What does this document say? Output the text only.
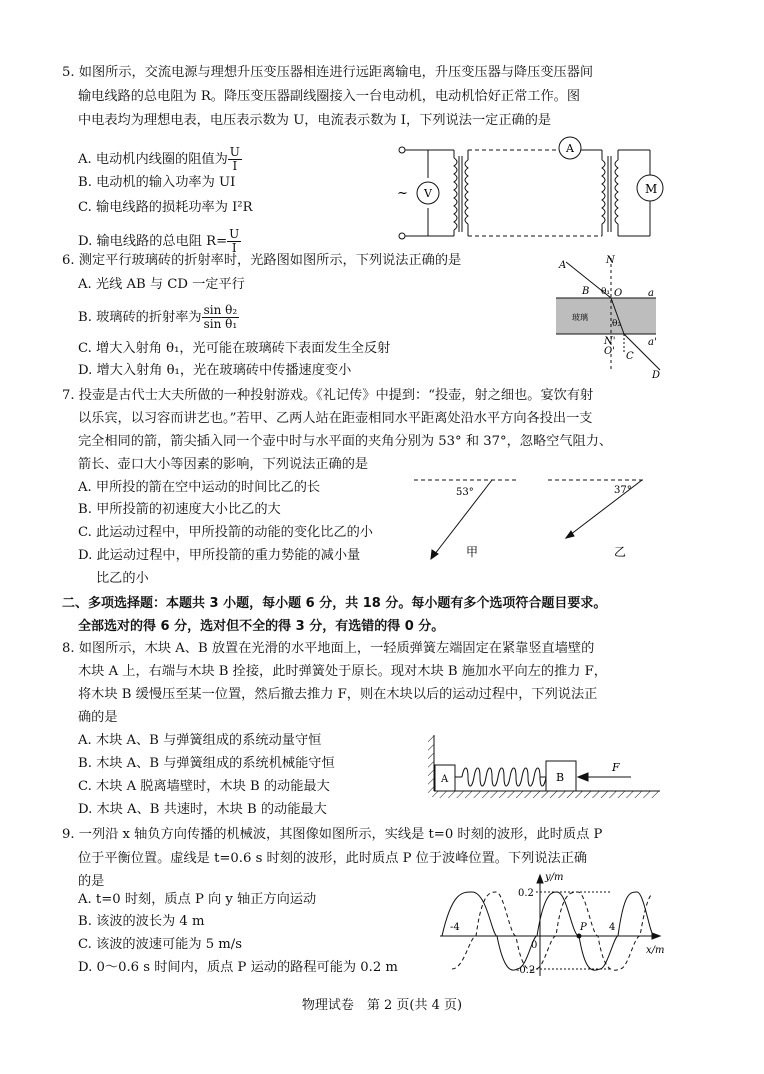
5. 如图所示，交流电源与理想升压变压器相连进行远距离输电，升压变压器与降压变压器间
输电线路的总电阻为 R。降压变压器副线圈接入一台电动机，电动机恰好正常工作。图
中电表均为理想电表，电压表示数为 U，电流表示数为 I，下列说法一定正确的是
A. 电动机内线圈的阻值为 $\frac{U}{I}$
B. 电动机的输入功率为 UI
C. 输电线路的损耗功率为 I²R
D. 输电线路的总电阻 $R= \frac{U}{I}$
V
~
A
M
6. 测定平行玻璃砖的折射率时，光路图如图所示，下列说法正确的是
A. 光线 AB 与 CD 一定平行
B. 玻璃砖的折射率为 $\frac{\text{sin θ₂}}{\text{sin θ₁}}$
C. 增大入射角 θ₁，光可能在玻璃砖下表面发生全反射
D. 增大入射角 θ₁，光在玻璃砖中传播速度变小
A	N
B θ₁ O	a
玻璃
θ₂
N'
O'
a'
C
D
7. 投壶是古代士大夫所做的一种投射游戏。《礼记传》中提到：“投壶，射之细也。宴饮有射
以乐宾，以习容而讲艺也。”若甲、乙两人站在距壶相同水平距离处沿水平方向各投出一支
完全相同的箭，箭尖插入同一个壶中时与水平面的夹角分别为 53° 和 37°，忽略空气阻力、
箭长、壶口大小等因素的影响，下列说法正确的是
A. 甲所投的箭在空中运动的时间比乙的长
B. 甲所投箭的初速度大小比乙的大
C. 此运动过程中，甲所投箭的动能的变化比乙的小
D. 此运动过程中，甲所投箭的重力势能的减小量
比乙的小
53°	37°
甲	乙
二、多项选择题：本题共 3 小题，每小题 6 分，共 18 分。每小题有多个选项符合题目要求。
全部选对的得 6 分，选对但不全的得 3 分，有选错的得 0 分。
8. 如图所示，木块 A、B 放置在光滑的水平地面上，一轻质弹簧左端固定在紧靠竖直墙壁的
木块 A 上，右端与木块 B 拴接，此时弹簧处于原长。现对木块 B 施加水平向左的推力 F，
将木块 B 缓慢压至某一位置，然后撤去推力 F，则在木块以后的运动过程中，下列说法正
确的是
A. 木块 A、B 与弹簧组成的系统动量守恒
B. 木块 A、B 与弹簧组成的系统机械能守恒
C. 木块 A 脱离墙壁时，木块 B 的动能最大
D. 木块 A、B 共速时，木块 B 的动能最大
A	B
F
9. 一列沿 x 轴负方向传播的机械波，其图像如图所示，实线是 t=0 时刻的波形，此时质点 P
位于平衡位置。虚线是 t=0.6 s 时刻的波形，此时质点 P 位于波峰位置。下列说法正确
的是
A. t=0 时刻，质点 P 向 y 轴正方向运动
B. 该波的波长为 4 m
C. 该波的波速可能为 5 m/s
D. 0～0.6 s 时间内，质点 P 运动的路程可能为 0.2 m
y/m
x/m
0.2
-0.2
-4
0
4
P
物理试卷　第 2 页(共 4 页)
